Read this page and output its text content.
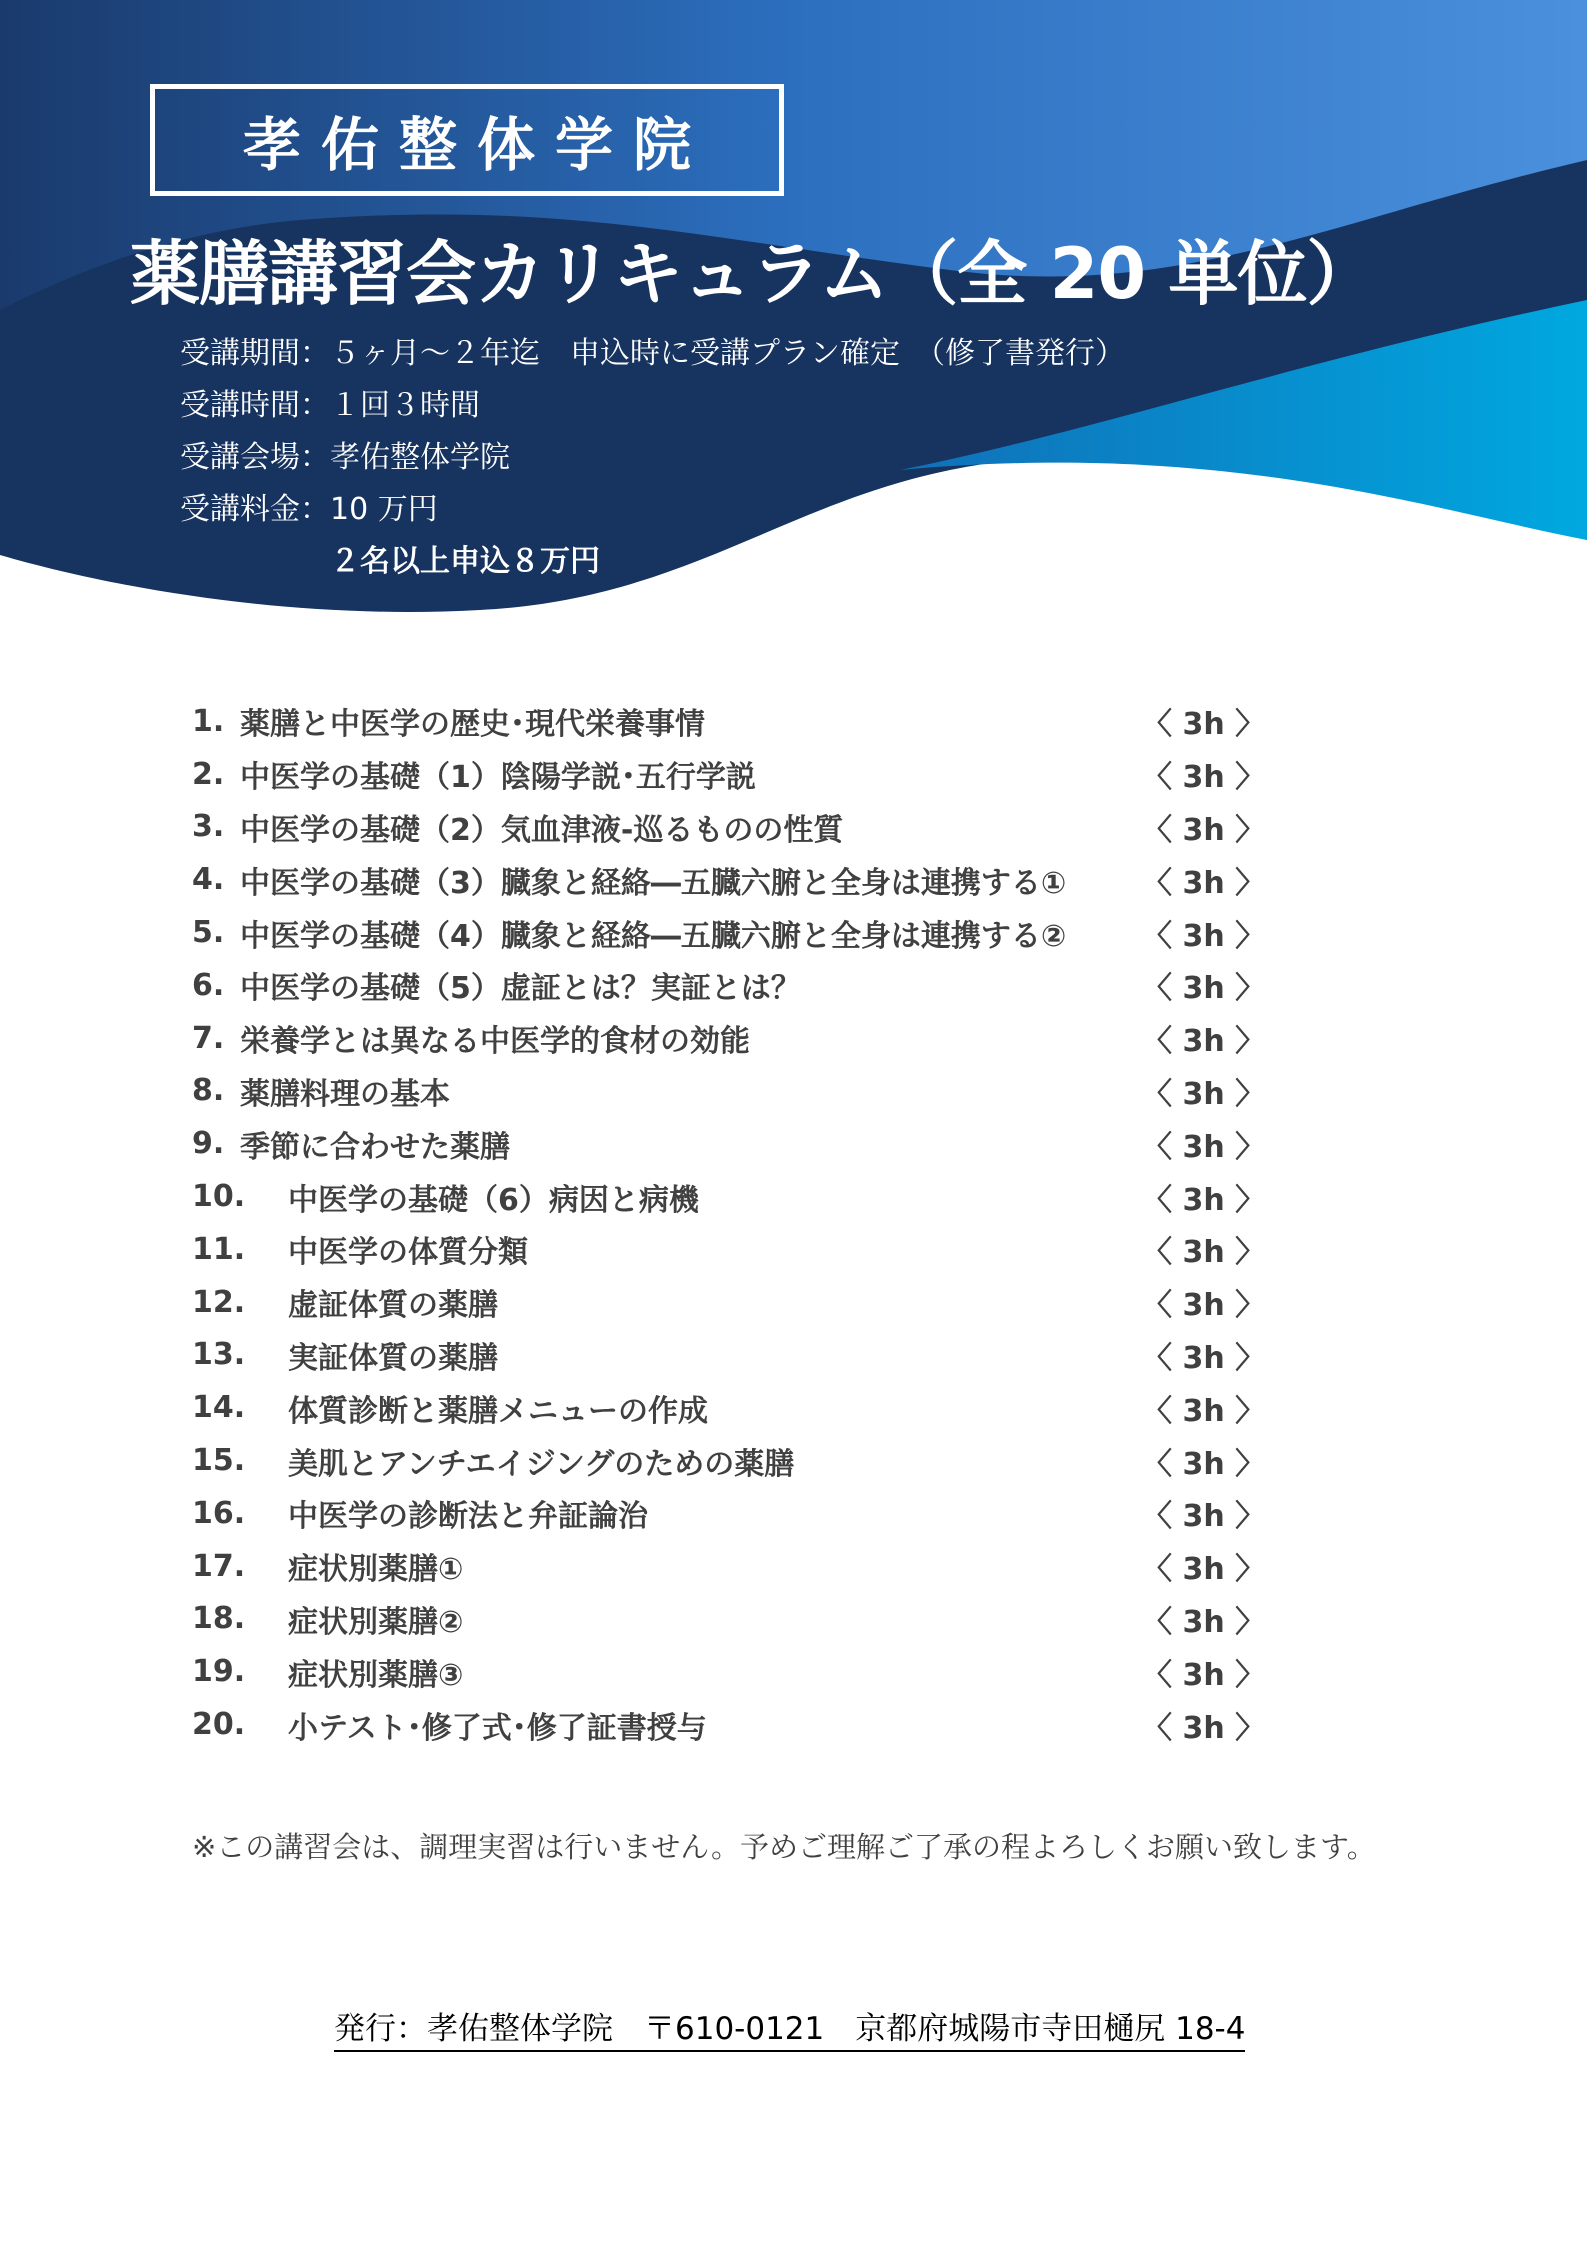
孝佑整体学院
薬膳講習会カリキュラム（全 20 単位）
受講期間：５ヶ月～２年迄　申込時に受講プラン確定　（修了書発行）
受講時間：１回３時間
受講会場：孝佑整体学院
受講料金：10 万円
２名以上申込８万円
1. 薬膳と中医学の歴史･現代栄養事情	〈 3h 〉
2. 中医学の基礎（1）陰陽学説･五行学説	〈 3h 〉
3. 中医学の基礎（2）気血津液-巡るものの性質	〈 3h 〉
4. 中医学の基礎（3）臓象と経絡―五臓六腑と全身は連携する①	〈 3h 〉
5. 中医学の基礎（4）臓象と経絡―五臓六腑と全身は連携する②	〈 3h 〉
6. 中医学の基礎（5）虚証とは？実証とは？	〈 3h 〉
7. 栄養学とは異なる中医学的食材の効能	〈 3h 〉
8. 薬膳料理の基本	〈 3h 〉
9. 季節に合わせた薬膳	〈 3h 〉
10.	中医学の基礎（6）病因と病機	〈 3h 〉
11.	中医学の体質分類	〈 3h 〉
12.	虚証体質の薬膳	〈 3h 〉
13.	実証体質の薬膳	〈 3h 〉
14.	体質診断と薬膳メニューの作成	〈 3h 〉
15.	美肌とアンチエイジングのための薬膳	〈 3h 〉
16.	中医学の診断法と弁証論治	〈 3h 〉
17.	症状別薬膳①	〈 3h 〉
18.	症状別薬膳②	〈 3h 〉
19.	症状別薬膳③	〈 3h 〉
20.	小テスト･修了式･修了証書授与	〈 3h 〉
※この講習会は、調理実習は行いません。予めご理解ご了承の程よろしくお願い致します。
発行：孝佑整体学院　〒610-0121　京都府城陽市寺田樋尻 18-4
